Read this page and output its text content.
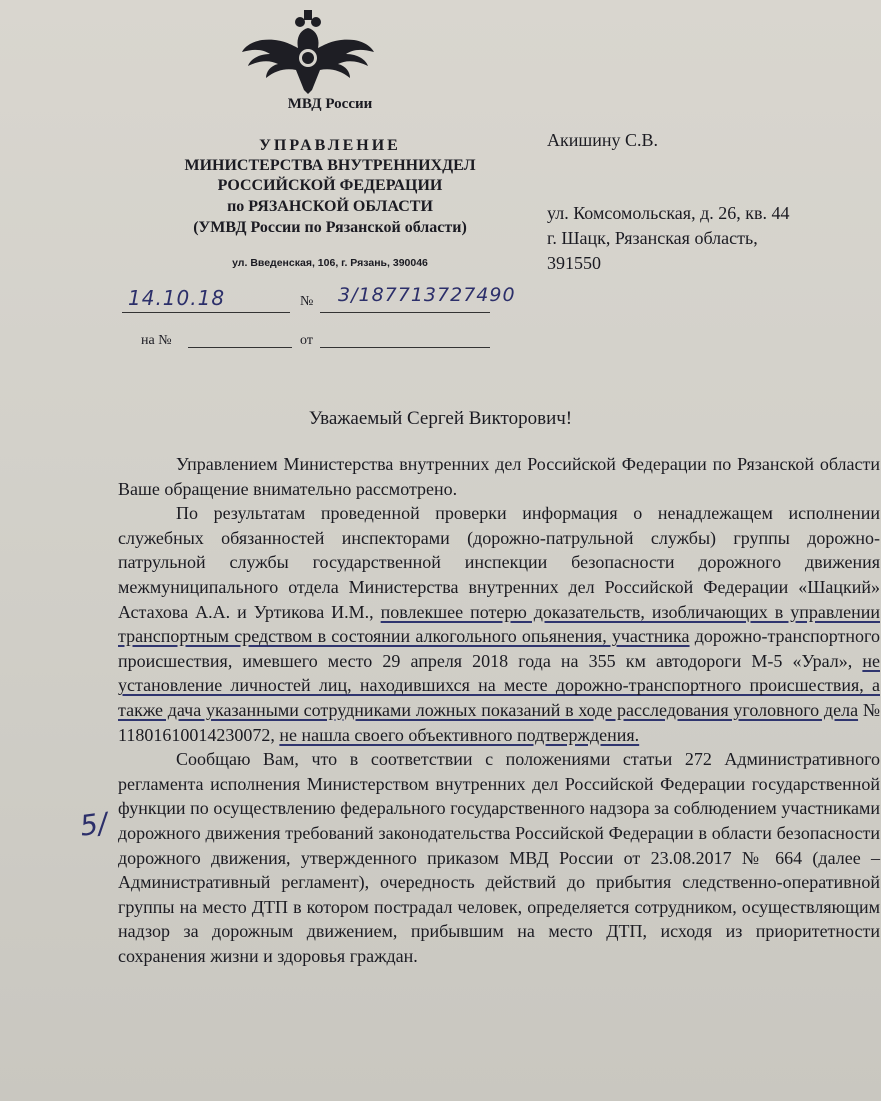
МВД России
УПРАВЛЕНИЕ
МИНИСТЕРСТВА ВНУТРЕННИХДЕЛ
РОССИЙСКОЙ ФЕДЕРАЦИИ
по РЯЗАНСКОЙ ОБЛАСТИ
(УМВД России по Рязанской области)
ул. Введенская, 106, г. Рязань, 390046
Акишину С.В.
ул. Комсомольская, д. 26, кв. 44
г. Шацк, Рязанская область,
391550
14.10.18	№ 3/187713727490
на №	от
Уважаемый Сергей Викторович!

Управлением Министерства внутренних дел Российской Федерации по Рязанской области Ваше обращение внимательно рассмотрено.

По результатам проведенной проверки информация о ненадлежащем исполнении служебных обязанностей инспекторами (дорожно-патрульной службы) группы дорожно-патрульной службы государственной инспекции безопасности дорожного движения межмуниципального отдела Министерства внутренних дел Российской Федерации «Шацкий» Астахова А.А. и Уртикова И.М., повлекшее потерю доказательств, изобличающих в управлении транспортным средством в состоянии алкогольного опьянения, участника дорожно-транспортного происшествия, имевшего место 29 апреля 2018 года на 355 км автодороги М-5 «Урал», не установление личностей лиц, находившихся на месте дорожно-транспортного происшествия, а также дача указанными сотрудниками ложных показаний в ходе расследования уголовного дела № 11801610014230072, не нашла своего объективного подтверждения.

Сообщаю Вам, что в соответствии с положениями статьи 272 Административного регламента исполнения Министерством внутренних дел Российской Федерации государственной функции по осуществлению федерального государственного надзора за соблюдением участниками дорожного движения требований законодательства Российской Федерации в области безопасности дорожного движения, утвержденного приказом МВД России от 23.08.2017 № 664 (далее – Административный регламент), очередность действий до прибытия следственно-оперативной группы на место ДТП в котором пострадал человек, определяется сотрудником, осуществляющим надзор за дорожным движением, прибывшим на место ДТП, исходя из приоритетности сохранения жизни и здоровья граждан.

5/
